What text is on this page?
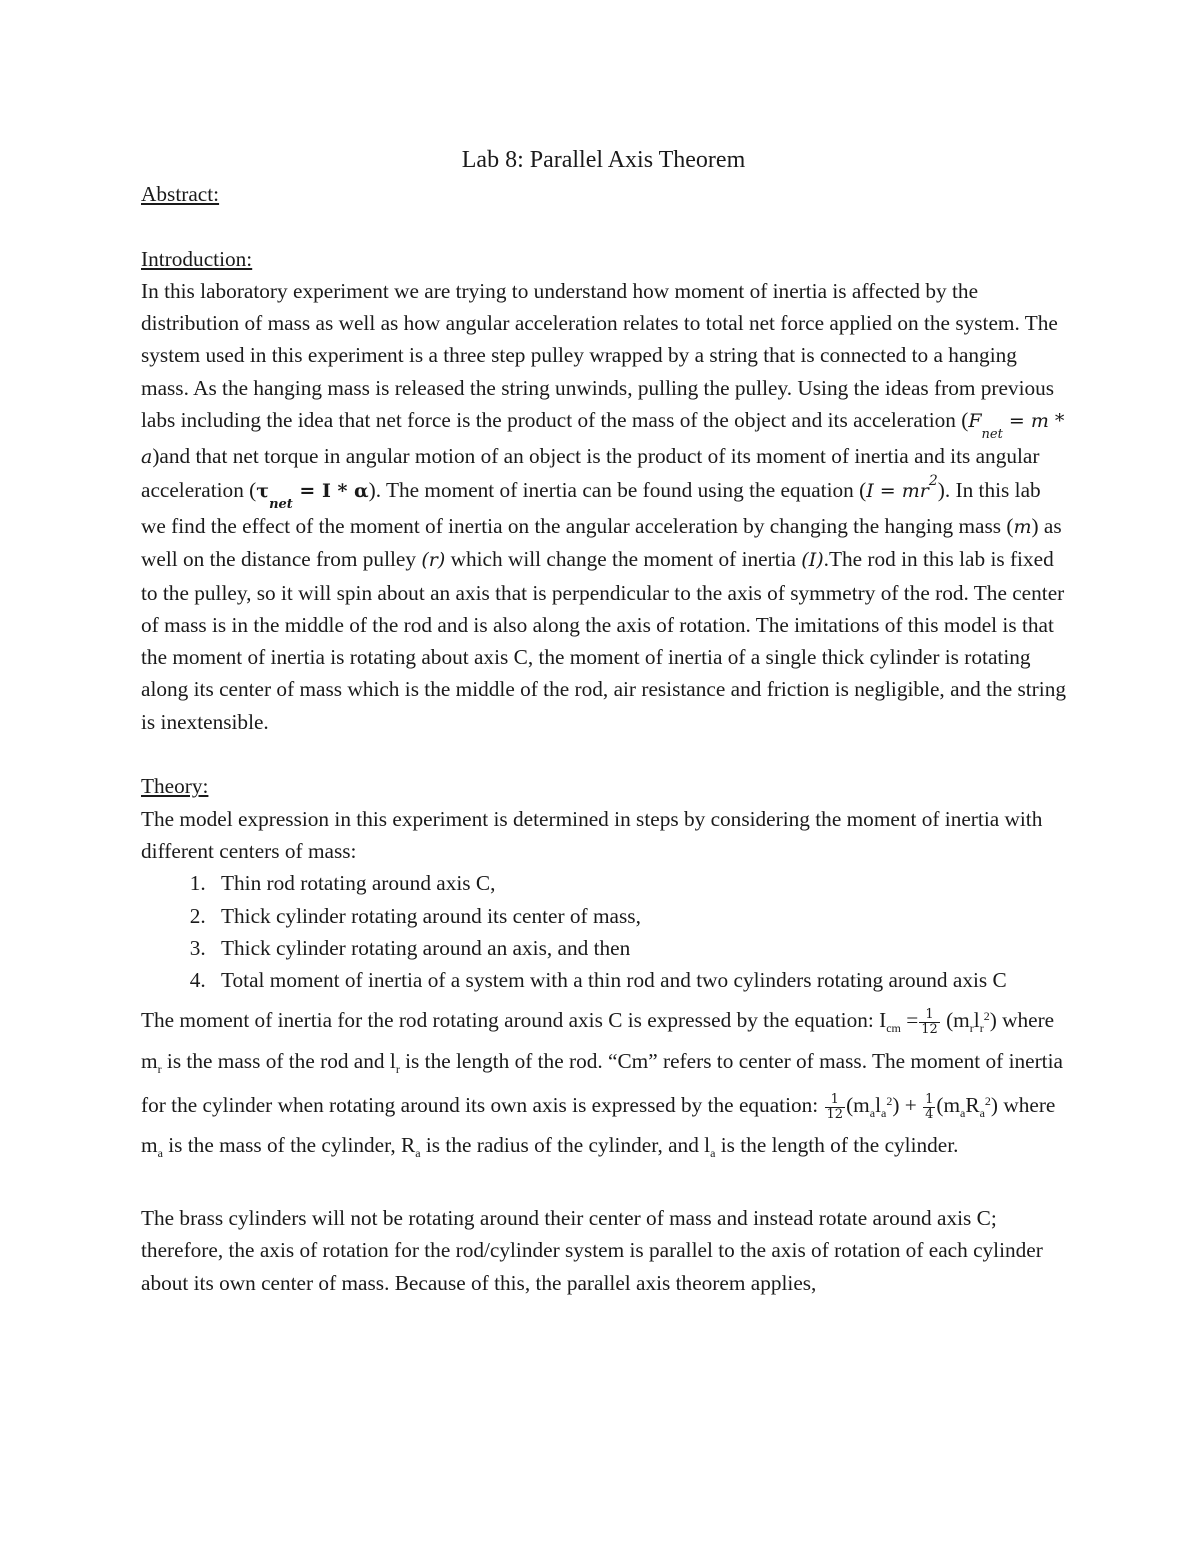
Lab 8: Parallel Axis Theorem

Abstract:

Introduction:

In this laboratory experiment we are trying to understand how moment of inertia is affected by the distribution of mass as well as how angular acceleration relates to total net force applied on the system. The system used in this experiment is a three step pulley wrapped by a string that is connected to a hanging mass. As the hanging mass is released the string unwinds, pulling the pulley. Using the ideas from previous labs including the idea that net force is the product of the mass of the object and its acceleration $(F_{net} = m * a)and$ that net torque in angular motion of an object is the product of its moment of inertia and its angular acceleration $(\tau_{net} = I * \alpha)$. The moment of inertia can be found using the equation $(I = mr^2)$. In this lab we find the effect of the moment of inertia on the angular acceleration by changing the hanging mass (m) as well on the distance from pulley (r) which will change the moment of inertia (I).The rod in this lab is fixed to the pulley, so it will spin about an axis that is perpendicular to the axis of symmetry of the rod. The center of mass is in the middle of the rod and is also along the axis of rotation. The imitations of this model is that the moment of inertia is rotating about axis C, the moment of inertia of a single thick cylinder is rotating along its center of mass which is the middle of the rod, air resistance and friction is negligible, and the string is inextensible.

Theory:

The model expression in this experiment is determined in steps by considering the moment of inertia with different centers of mass:

1. Thin rod rotating around axis C,
2. Thick cylinder rotating around its center of mass,
3. Thick cylinder rotating around an axis, and then
4. Total moment of inertia of a system with a thin rod and two cylinders rotating around axis C

The moment of inertia for the rod rotating around axis C is expressed by the equation: $I_{cm} = \frac{1}{12} (m_rl_r^2)$ where $m_r$ is the mass of the rod and $l_r$ is the length of the rod. “Cm” refers to center of mass. The moment of inertia for the cylinder when rotating around its own axis is expressed by the equation: $\frac{1}{12} (m_al_a^2) + \frac{1}{4} (m_aR_a^2)$ where $m_a$ is the mass of the cylinder, $R_a$ is the radius of the cylinder, and $l_a$ is the length of the cylinder.

The brass cylinders will not be rotating around their center of mass and instead rotate around axis C; therefore, the axis of rotation for the rod/cylinder system is parallel to the axis of rotation of each cylinder about its own center of mass. Because of this, the parallel axis theorem applies,
